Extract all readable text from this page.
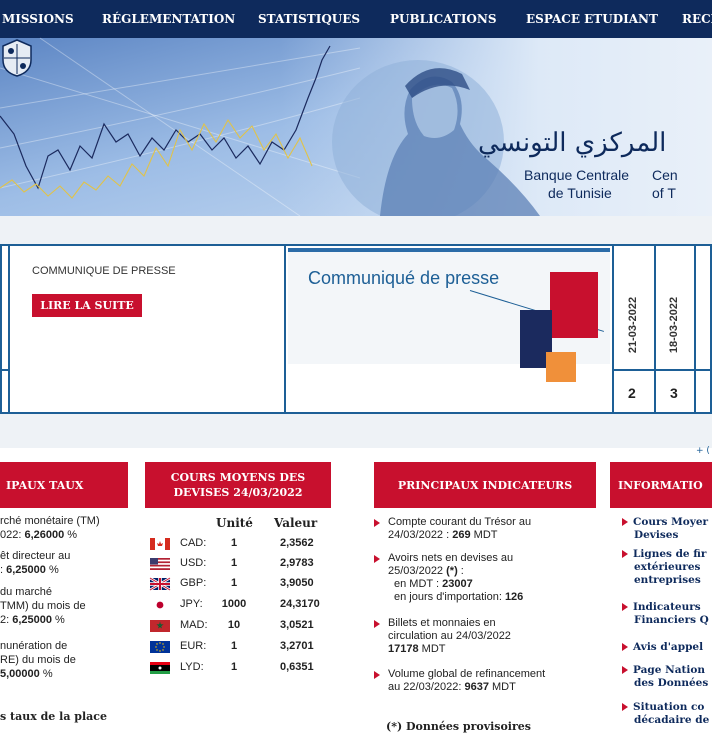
MISSIONS RÉGLEMENTATION STATISTIQUES PUBLICATIONS ESPACE ETUDIANT RECR
المركزي التونسي
Banque Centrale
de Tunisie
Cen
of T
COMMUNIQUE DE PRESSE
LIRE LA SUITE
Communiqué de presse
21-03-2022	18-03-2022
2 3
+ (
IPAUX TAUX
rché monétaire (TM)
022: 6,26000 %
êt directeur au
: 6,25000 %
du marché
TMM) du mois de
2: 6,25000 %
nunération de
RE) du mois de
5,00000 %
s taux de la place
COURS MOYENS DES
DEVISES 24/03/2022
Unité Valeur
CAD:	1	2,3562
USD:	1	2,9783
GBP:	1	3,9050
JPY:	1000	24,3170
MAD:	10	3,0521
EUR:	1	3,2701
LYD:	1	0,6351
PRINCIPAUX INDICATEURS
Compte courant du Trésor au
24/03/2022 : 269 MDT
Avoirs nets en devises au
25/03/2022 (*) :
en MDT : 23007
en jours d'importation: 126
Billets et monnaies en
circulation au 24/03/2022
17178 MDT
Volume global de refinancement
au 22/03/2022: 9637 MDT
(*) Données provisoires
INFORMATIO
Cours Moyer
Devises
Lignes de fir
extérieures
entreprises
Indicateurs
Financiers Q
Avis d'appel
Page Nation
des Données
Situation co
décadaire de
